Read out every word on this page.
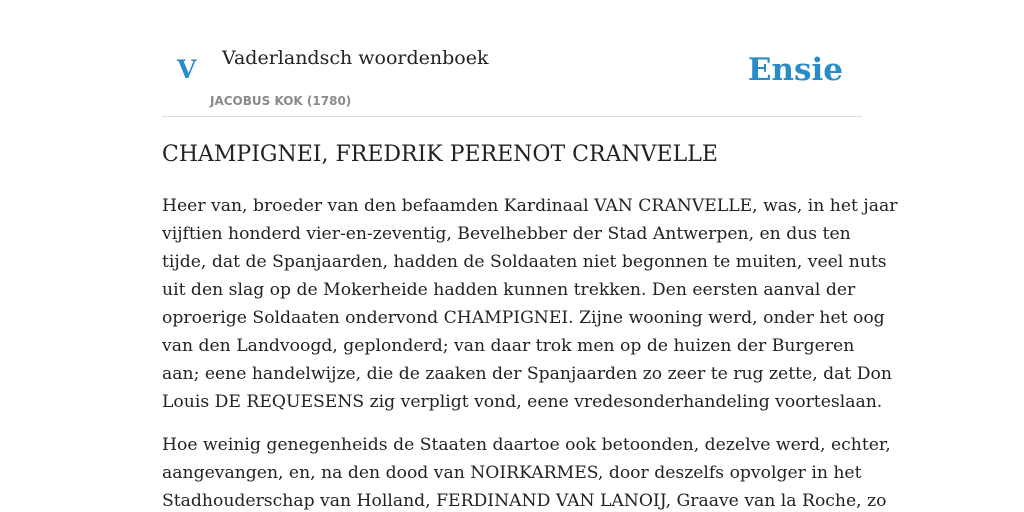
V Vaderlandsch woordenboek
JACOBUS KOK (1780)
Ensie
CHAMPIGNEI, FREDRIK PERENOT CRANVELLE

Heer van, broeder van den befaamden Kardinaal VAN CRANVELLE, was, in het jaar
vijftien honderd vier-en-zeventig, Bevelhebber der Stad Antwerpen, en dus ten
tijde, dat de Spanjaarden, hadden de Soldaaten niet begonnen te muiten, veel nuts
uit den slag op de Mokerheide hadden kunnen trekken. Den eersten aanval der
oproerige Soldaaten ondervond CHAMPIGNEI. Zijne wooning werd, onder het oog
van den Landvoogd, geplonderd; van daar trok men op de huizen der Burgeren
aan; eene handelwijze, die de zaaken der Spanjaarden zo zeer te rug zette, dat Don
Louis DE REQUESENS zig verpligt vond, eene vredesonderhandeling voorteslaan.

Hoe weinig genegenheids de Staaten daartoe ook betoonden, dezelve werd, echter,
aangevangen, en, na den dood van NOIRKARMES, door deszelfs opvolger in het
Stadhouderschap van Holland, FERDINAND VAN LANOIJ, Graave van la Roche, zo
